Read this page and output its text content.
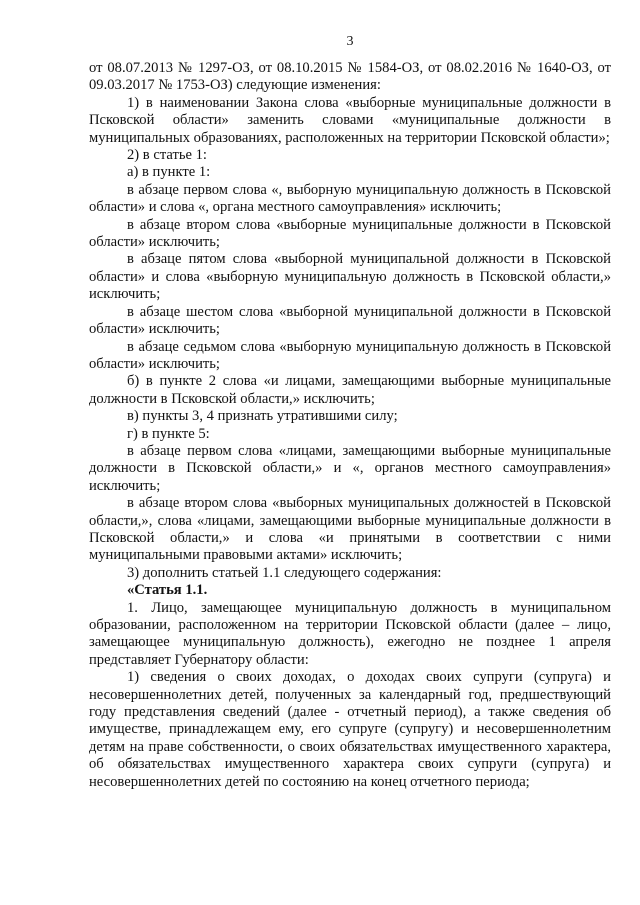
3

от 08.07.2013 № 1297-ОЗ, от 08.10.2015 № 1584-ОЗ, от 08.02.2016 № 1640-ОЗ, от 09.03.2017 № 1753-ОЗ) следующие изменения:

1) в наименовании Закона слова «выборные муниципальные должности в Псковской области» заменить словами «муниципальные должности в муниципальных образованиях, расположенных на территории Псковской области»;

2) в статье 1:

а) в пункте 1:

в абзаце первом слова «, выборную муниципальную должность в Псковской области» и слова «, органа местного самоуправления» исключить;

в абзаце втором слова «выборные муниципальные должности в Псковской области» исключить;

в абзаце пятом слова «выборной муниципальной должности в Псковской области» и слова «выборную муниципальную должность в Псковской области,» исключить;

в абзаце шестом слова «выборной муниципальной должности в Псковской области» исключить;

в абзаце седьмом слова «выборную муниципальную должность в Псковской области» исключить;

б) в пункте 2 слова «и лицами, замещающими выборные муниципальные должности в Псковской области,» исключить;

в) пункты 3, 4 признать утратившими силу;

г) в пункте 5:

в абзаце первом слова «лицами, замещающими выборные муниципальные должности в Псковской области,» и «, органов местного самоуправления» исключить;

в абзаце втором слова «выборных муниципальных должностей в Псковской области,», слова «лицами, замещающими выборные муниципальные должности в Псковской области,» и слова «и принятыми в соответствии с ними муниципальными правовыми актами» исключить;

3) дополнить статьей 1.1 следующего содержания:

«Статья 1.1.

1. Лицо, замещающее муниципальную должность в муниципальном образовании, расположенном на территории Псковской области (далее – лицо, замещающее муниципальную должность), ежегодно не позднее 1 апреля представляет Губернатору области:

1) сведения о своих доходах, о доходах своих супруги (супруга) и несовершеннолетних детей, полученных за календарный год, предшествующий году представления сведений (далее - отчетный период), а также сведения об имуществе, принадлежащем ему, его супруге (супругу) и несовершеннолетним детям на праве собственности, о своих обязательствах имущественного характера, об обязательствах имущественного характера своих супруги (супруга) и несовершеннолетних детей по состоянию на конец отчетного периода;
